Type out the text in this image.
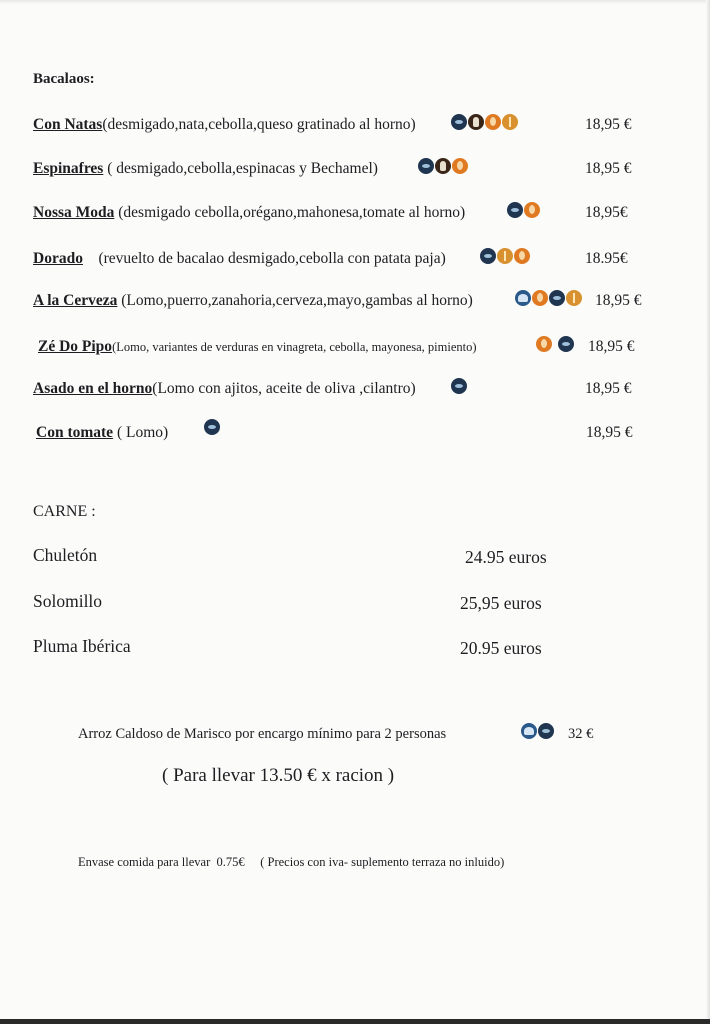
Bacalaos:
Con Natas(desmigado,nata,cebolla,queso gratinado al horno)	18,95 €
Espinafres ( desmigado,cebolla,espinacas y Bechamel)	18,95 €
Nossa Moda (desmigado cebolla,orégano,mahonesa,tomate al horno)	18,95€
Dorado    (revuelto de bacalao desmigado,cebolla con patata paja)	18.95€
A la Cerveza (Lomo,puerro,zanahoria,cerveza,mayo,gambas al horno)	18,95 €
Zé Do Pipo(Lomo, variantes de verduras en vinagreta, cebolla, mayonesa, pimiento)	18,95 €
Asado en el horno(Lomo con ajitos, aceite de oliva ,cilantro)	18,95 €
Con tomate ( Lomo)	18,95 €
CARNE :
Chuletón	24.95 euros
Solomillo	25,95 euros
Pluma Ibérica	20.95 euros
Arroz Caldoso de Marisco por encargo mínimo para 2 personas	32 €
( Para llevar 13.50 € x racion )
Envase comida para llevar  0.75€     ( Precios con iva- suplemento terraza no inluido)
